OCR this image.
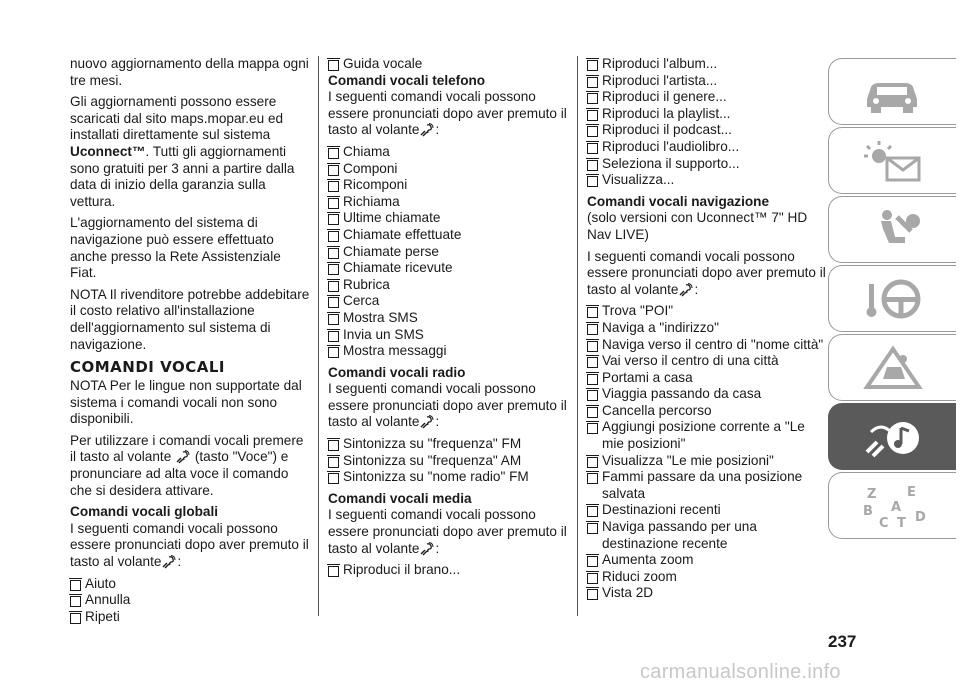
nuovo aggiornamento della mappa ogni tre mesi.

Gli aggiornamenti possono essere scaricati dal sito maps.mopar.eu ed installati direttamente sul sistema Uconnect™. Tutti gli aggiornamenti sono gratuiti per 3 anni a partire dalla data di inizio della garanzia sulla vettura.

L'aggiornamento del sistema di navigazione può essere effettuato anche presso la Rete Assistenziale Fiat.

NOTA Il rivenditore potrebbe addebitare il costo relativo all'installazione dell'aggiornamento sul sistema di navigazione.

COMANDI VOCALI

NOTA Per le lingue non supportate dal sistema i comandi vocali non sono disponibili.

Per utilizzare i comandi vocali premere il tasto al volante (tasto "Voce") e pronunciare ad alta voce il comando che si desidera attivare.

Comandi vocali globali

I seguenti comandi vocali possono essere pronunciati dopo aver premuto il tasto al volante :

Aiuto
Annulla
Ripeti
Guida vocale
Comandi vocali telefono

I seguenti comandi vocali possono essere pronunciati dopo aver premuto il tasto al volante :

Chiama
Componi
Ricomponi
Richiama
Ultime chiamate
Chiamate effettuate
Chiamate perse
Chiamate ricevute
Rubrica
Cerca
Mostra SMS
Invia un SMS
Mostra messaggi
Comandi vocali radio

I seguenti comandi vocali possono essere pronunciati dopo aver premuto il tasto al volante :

Sintonizza su "frequenza" FM
Sintonizza su "frequenza" AM
Sintonizza su "nome radio" FM
Comandi vocali media

I seguenti comandi vocali possono essere pronunciati dopo aver premuto il tasto al volante :

Riproduci il brano...
Riproduci l'album...
Riproduci l'artista...
Riproduci il genere...
Riproduci la playlist...
Riproduci il podcast...
Riproduci l'audiolibro...
Seleziona il supporto...
Visualizza...
Comandi vocali navigazione

(solo versioni con Uconnect™ 7" HD Nav LIVE)

I seguenti comandi vocali possono essere pronunciati dopo aver premuto il tasto al volante :

Trova "POI"
Naviga a "indirizzo"
Naviga verso il centro di "nome città"
Vai verso il centro di una città
Portami a casa
Viaggia passando da casa
Cancella percorso
Aggiungi posizione corrente a "Le mie posizioni"
Visualizza "Le mie posizioni"
Fammi passare da una posizione salvata
Destinazioni recenti
Naviga passando per una destinazione recente
Aumenta zoom
Riduci zoom
Vista 2D
Z E
B A
C T D
237
carmanualsonline.info
